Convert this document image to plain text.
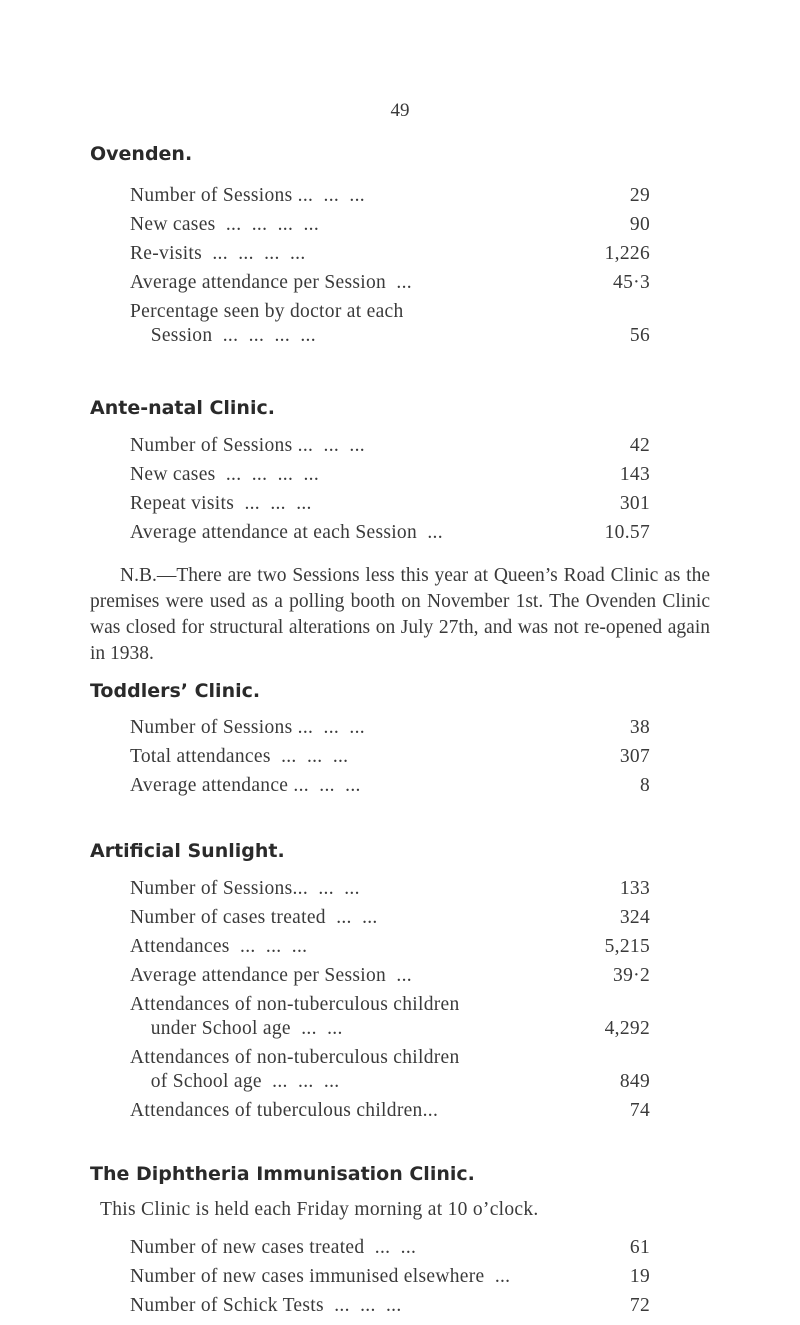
49
Ovenden.
Number of Sessions ...  ...  ...	29
New cases  ...  ...  ...  ...	90
Re-visits  ...  ...  ...  ...	1,226
Average attendance per Session  ...	45·3
Percentage seen by doctor at each
Session  ...  ...  ...  ...	56
Ante-natal Clinic.
Number of Sessions ...  ...  ...	42
New cases  ...  ...  ...  ...	143
Repeat visits  ...  ...  ...	301
Average attendance at each Session  ...	10.57

N.B.—There are two Sessions less this year at Queen’s Road Clinic as the premises were used as a polling booth on November 1st. The Ovenden Clinic was closed for structural alterations on July 27th, and was not re-opened again in 1938.

Toddlers’ Clinic.
Number of Sessions ...  ...  ...	38
Total attendances  ...  ...  ...	307
Average attendance ...  ...  ...	8
Artificial Sunlight.
Number of Sessions...  ...  ...	133
Number of cases treated  ...  ...	324
Attendances  ...  ...  ...	5,215
Average attendance per Session  ...	39·2
Attendances of non-tuberculous children
under School age  ...  ...	4,292
Attendances of non-tuberculous children
of School age  ...  ...  ...	849
Attendances of tuberculous children...	74
The Diphtheria Immunisation Clinic.
This Clinic is held each Friday morning at 10 o’clock.
Number of new cases treated  ...  ...	61
Number of new cases immunised elsewhere  ...	19
Number of Schick Tests  ...  ...  ...	72
